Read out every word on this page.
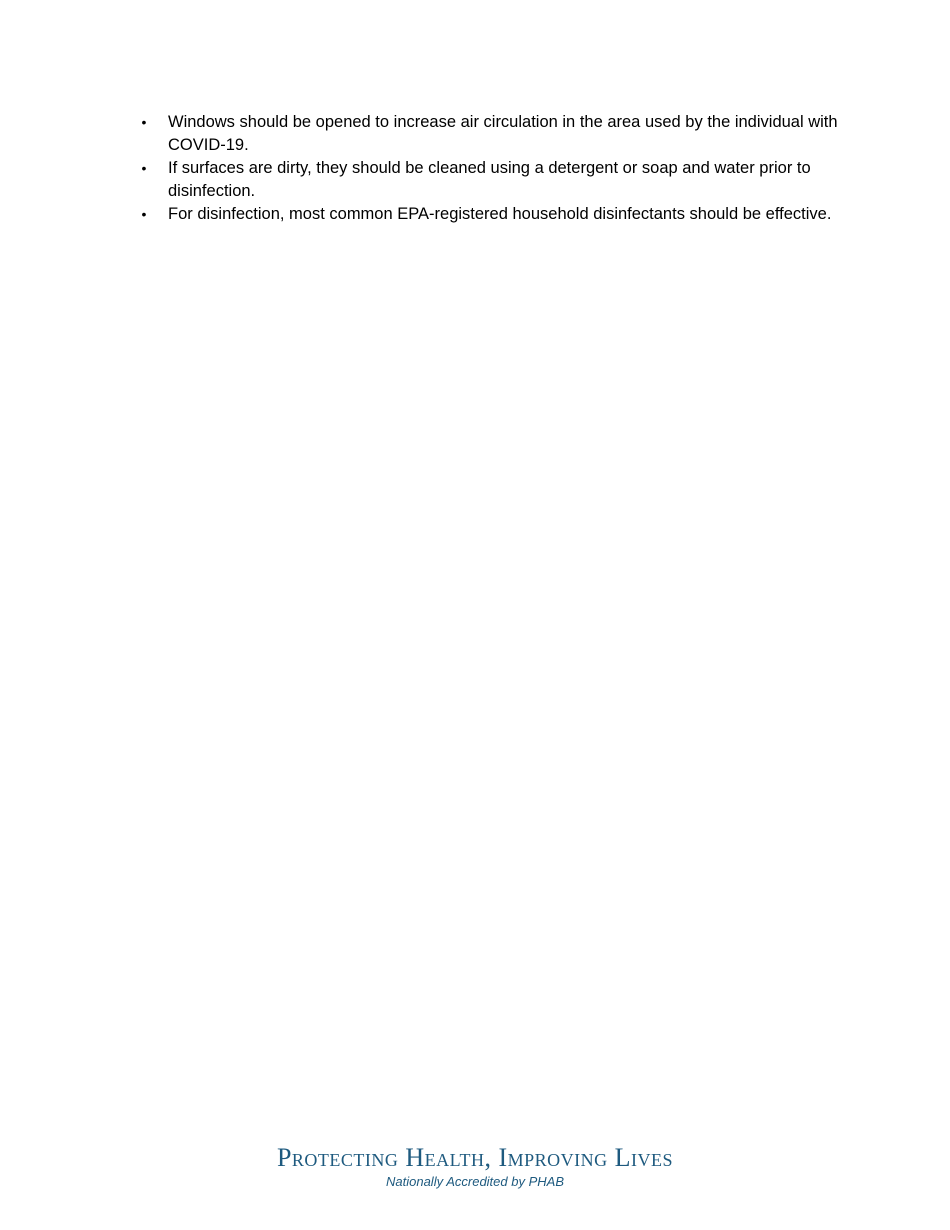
• Windows should be opened to increase air circulation in the area used by the individual with COVID-19.
• If surfaces are dirty, they should be cleaned using a detergent or soap and water prior to disinfection.
• For disinfection, most common EPA-registered household disinfectants should be effective.
Protecting Health, Improving Lives
Nationally Accredited by PHAB
